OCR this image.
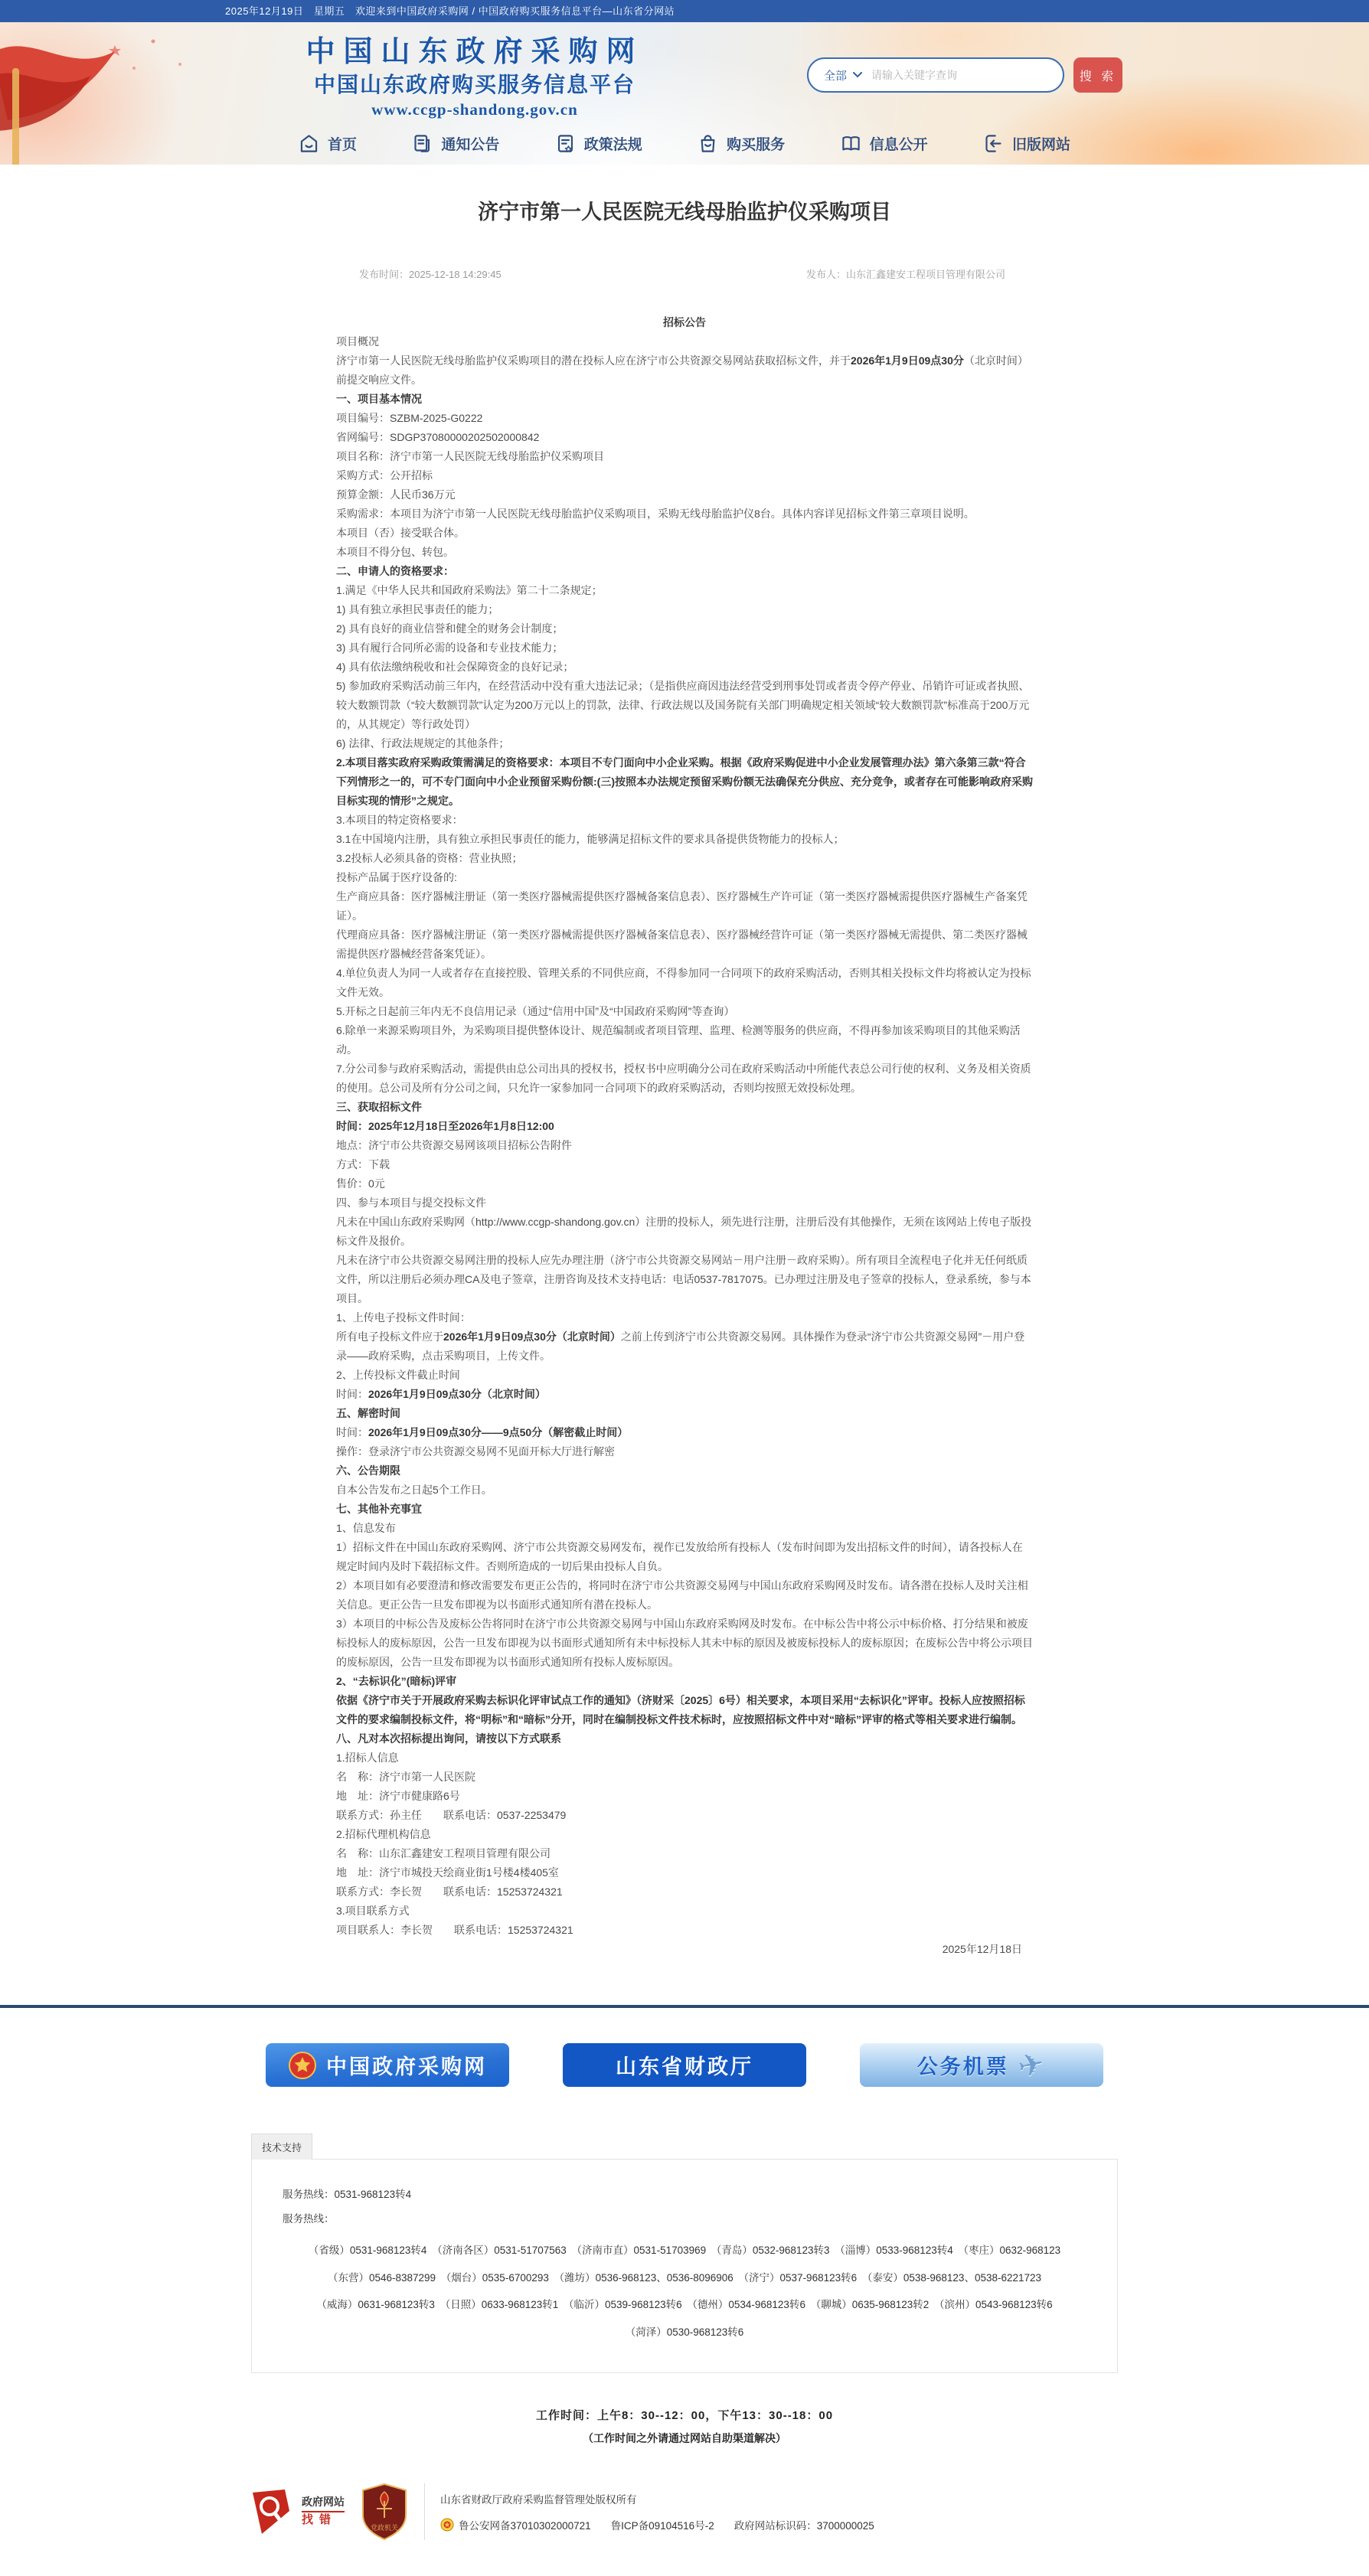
2025年12月19日　星期五　欢迎来到中国政府采购网 / 中国政府购买服务信息平台—山东省分网站
中国山东政府采购网
中国山东政府购买服务信息平台
www.ccgp-shandong.gov.cn
全部
请输入关键字查询	搜 索
首页	通知公告	政策法规	购买服务	信息公开	旧版网站
济宁市第一人民医院无线母胎监护仪采购项目
发布时间：2025-12-18 14:29:45	发布人：山东汇鑫建安工程项目管理有限公司

招标公告

项目概况

济宁市第一人民医院无线母胎监护仪采购项目的潜在投标人应在济宁市公共资源交易网站获取招标文件，并于2026年1月9日09点30分（北京时间）前提交响应文件。

一、项目基本情况

项目编号：SZBM-2025-G0222

省网编号：SDGP37080000202502000842

项目名称：济宁市第一人民医院无线母胎监护仪采购项目

采购方式：公开招标

预算金额：人民币36万元

采购需求：本项目为济宁市第一人民医院无线母胎监护仪采购项目，采购无线母胎监护仪8台。具体内容详见招标文件第三章项目说明。

本项目（否）接受联合体。

本项目不得分包、转包。

二、申请人的资格要求：

1.满足《中华人民共和国政府采购法》第二十二条规定；

1) 具有独立承担民事责任的能力；

2) 具有良好的商业信誉和健全的财务会计制度；

3) 具有履行合同所必需的设备和专业技术能力；

4) 具有依法缴纳税收和社会保障资金的良好记录；

5) 参加政府采购活动前三年内，在经营活动中没有重大违法记录；（是指供应商因违法经营受到刑事处罚或者责令停产停业、吊销许可证或者执照、较大数额罚款（“较大数额罚款”认定为200万元以上的罚款，法律、行政法规以及国务院有关部门明确规定相关领域“较大数额罚款”标准高于200万元的，从其规定）等行政处罚）

6) 法律、行政法规规定的其他条件；

2.本项目落实政府采购政策需满足的资格要求：本项目不专门面向中小企业采购。根据《政府采购促进中小企业发展管理办法》第六条第三款“符合下列情形之一的，可不专门面向中小企业预留采购份额:(三)按照本办法规定预留采购份额无法确保充分供应、充分竞争，或者存在可能影响政府采购目标实现的情形”之规定。

3.本项目的特定资格要求：

3.1在中国境内注册，具有独立承担民事责任的能力，能够满足招标文件的要求具备提供货物能力的投标人；

3.2投标人必须具备的资格：营业执照；

投标产品属于医疗设备的:

生产商应具备：医疗器械注册证（第一类医疗器械需提供医疗器械备案信息表）、医疗器械生产许可证（第一类医疗器械需提供医疗器械生产备案凭证）。

代理商应具备：医疗器械注册证（第一类医疗器械需提供医疗器械备案信息表）、医疗器械经营许可证（第一类医疗器械无需提供、第二类医疗器械需提供医疗器械经营备案凭证）。

4.单位负责人为同一人或者存在直接控股、管理关系的不同供应商，不得参加同一合同项下的政府采购活动，否则其相关投标文件均将被认定为投标文件无效。

5.开标之日起前三年内无不良信用记录（通过“信用中国”及“中国政府采购网”等查询）

6.除单一来源采购项目外，为采购项目提供整体设计、规范编制或者项目管理、监理、检测等服务的供应商，不得再参加该采购项目的其他采购活动。

7.分公司参与政府采购活动，需提供由总公司出具的授权书，授权书中应明确分公司在政府采购活动中所能代表总公司行使的权利、义务及相关资质的使用。总公司及所有分公司之间，只允许一家参加同一合同项下的政府采购活动，否则均按照无效投标处理。

三、获取招标文件

时间：2025年12月18日至2026年1月8日12:00

地点：济宁市公共资源交易网该项目招标公告附件

方式：下载

售价：0元

四、参与本项目与提交投标文件

凡未在中国山东政府采购网（http://www.ccgp-shandong.gov.cn）注册的投标人，须先进行注册，注册后没有其他操作，无须在该网站上传电子版投标文件及报价。

凡未在济宁市公共资源交易网注册的投标人应先办理注册（济宁市公共资源交易网站－用户注册－政府采购）。所有项目全流程电子化并无任何纸质文件，所以注册后必须办理CA及电子签章，注册咨询及技术支持电话：电话0537-7817075。已办理过注册及电子签章的投标人，登录系统，参与本项目。

1、上传电子投标文件时间：

所有电子投标文件应于2026年1月9日09点30分（北京时间）之前上传到济宁市公共资源交易网。具体操作为登录“济宁市公共资源交易网”－用户登录——政府采购，点击采购项目，上传文件。

2、上传投标文件截止时间

时间：2026年1月9日09点30分（北京时间）

五、解密时间

时间：2026年1月9日09点30分——9点50分（解密截止时间）

操作：登录济宁市公共资源交易网不见面开标大厅进行解密

六、公告期限

自本公告发布之日起5个工作日。

七、其他补充事宜

1、信息发布

1）招标文件在中国山东政府采购网、济宁市公共资源交易网发布，视作已发放给所有投标人（发布时间即为发出招标文件的时间），请各投标人在规定时间内及时下载招标文件。否则所造成的一切后果由投标人自负。

2）本项目如有必要澄清和修改需要发布更正公告的，将同时在济宁市公共资源交易网与中国山东政府采购网及时发布。请各潜在投标人及时关注相关信息。更正公告一旦发布即视为以书面形式通知所有潜在投标人。

3）本项目的中标公告及废标公告将同时在济宁市公共资源交易网与中国山东政府采购网及时发布。在中标公告中将公示中标价格、打分结果和被废标投标人的废标原因，公告一旦发布即视为以书面形式通知所有未中标投标人其未中标的原因及被废标投标人的废标原因；在废标公告中将公示项目的废标原因，公告一旦发布即视为以书面形式通知所有投标人废标原因。

2、“去标识化”(暗标)评审

依据《济宁市关于开展政府采购去标识化评审试点工作的通知》（济财采〔2025〕6号）相关要求，本项目采用“去标识化”评审。投标人应按照招标文件的要求编制投标文件，将“明标”和“暗标”分开，同时在编制投标文件技术标时，应按照招标文件中对“暗标”评审的格式等相关要求进行编制。

八、凡对本次招标提出询问，请按以下方式联系

1.招标人信息

名　称：济宁市第一人民医院

地　址：济宁市健康路6号

联系方式：孙主任　　联系电话：0537-2253479

2.招标代理机构信息

名　称：山东汇鑫建安工程项目管理有限公司

地　址：济宁市城投天绘商业街1号楼4楼405室

联系方式：李长贺　　联系电话：15253724321

3.项目联系方式

项目联系人：李长贺　　联系电话：15253724321

2025年12月18日

中国政府采购网	山东省财政厅	公务机票 ✈
技术支持
服务热线：0531-968123转4
服务热线：
（省级）0531-968123转4　（济南各区）0531-51707563　（济南市直）0531-51703969　（青岛）0532-968123转3　（淄博）0533-968123转4　（枣庄）0632-968123
（东营）0546-8387299　（烟台）0535-6700293　（潍坊）0536-968123、0536-8096906　（济宁）0537-968123转6　（泰安）0538-968123、0538-6221723
（威海）0631-968123转3　（日照）0633-968123转1　（临沂）0539-968123转6　（德州）0534-968123转6　（聊城）0635-968123转2　（滨州）0543-968123转6
（菏泽）0530-968123转6
工作时间：上午8：30--12：00，下午13：30--18：00
（工作时间之外请通过网站自助渠道解决）
政府网站
找错
党政机关
山东省财政厅政府采购监督管理处版权所有
鲁公安网备37010302000721 鲁ICP备09104516号-2 政府网站标识码：3700000025
